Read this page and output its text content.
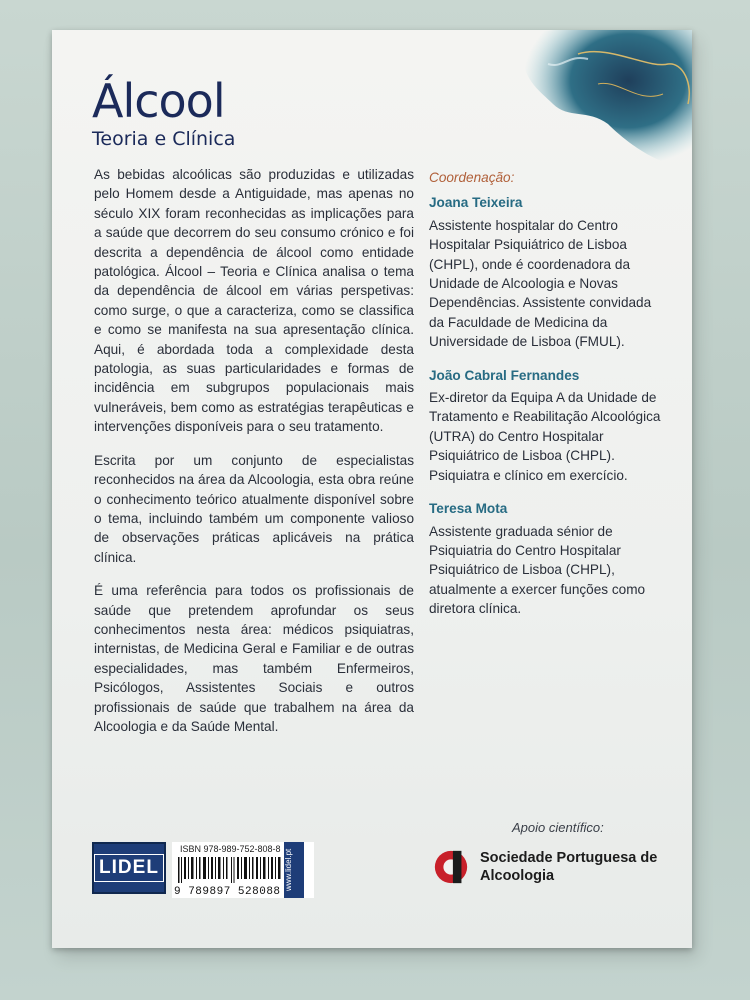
Álcool
Teoria e Clínica

As bebidas alcoólicas são produzidas e utilizadas pelo Homem desde a Antiguidade, mas apenas no século XIX foram reconhecidas as implicações para a saúde que decorrem do seu consumo crónico e foi descrita a dependência de álcool como entidade patológica. Álcool – Teoria e Clínica analisa o tema da dependência de álcool em várias perspetivas: como surge, o que a caracteriza, como se classifica e como se manifesta na sua apresentação clínica. Aqui, é abordada toda a complexidade desta patologia, as suas particularidades e formas de incidência em subgrupos populacionais mais vulneráveis, bem como as estratégias terapêuticas e intervenções disponíveis para o seu tratamento.

Escrita por um conjunto de especialistas reconhecidos na área da Alcoologia, esta obra reúne o conhecimento teórico atualmente disponível sobre o tema, incluindo também um componente valioso de observações práticas aplicáveis na prática clínica.

É uma referência para todos os profissionais de saúde que pretendem aprofundar os seus conhecimentos nesta área: médicos psiquiatras, internistas, de Medicina Geral e Familiar e de outras especialidades, mas também Enfermeiros, Psicólogos, Assistentes Sociais e outros profissionais de saúde que trabalhem na área da Alcoologia e da Saúde Mental.

Coordenação:
Joana Teixeira

Assistente hospitalar do Centro Hospitalar Psiquiátrico de Lisboa (CHPL), onde é coordenadora da Unidade de Alcoologia e Novas Dependências. Assistente convidada da Faculdade de Medicina da Universidade de Lisboa (FMUL).

João Cabral Fernandes

Ex-diretor da Equipa A da Unidade de Tratamento e Reabilitação Alcoológica (UTRA) do Centro Hospitalar Psiquiátrico de Lisboa (CHPL). Psiquiatra e clínico em exercício.

Teresa Mota

Assistente graduada sénior de Psiquiatria do Centro Hospitalar Psiquiátrico de Lisboa (CHPL), atualmente a exercer funções como diretora clínica.

Apoio científico:
Sociedade Portuguesa de Alcoologia
LIDEL
ISBN 978-989-752-808-8
9 789897 528088
www.lidel.pt
